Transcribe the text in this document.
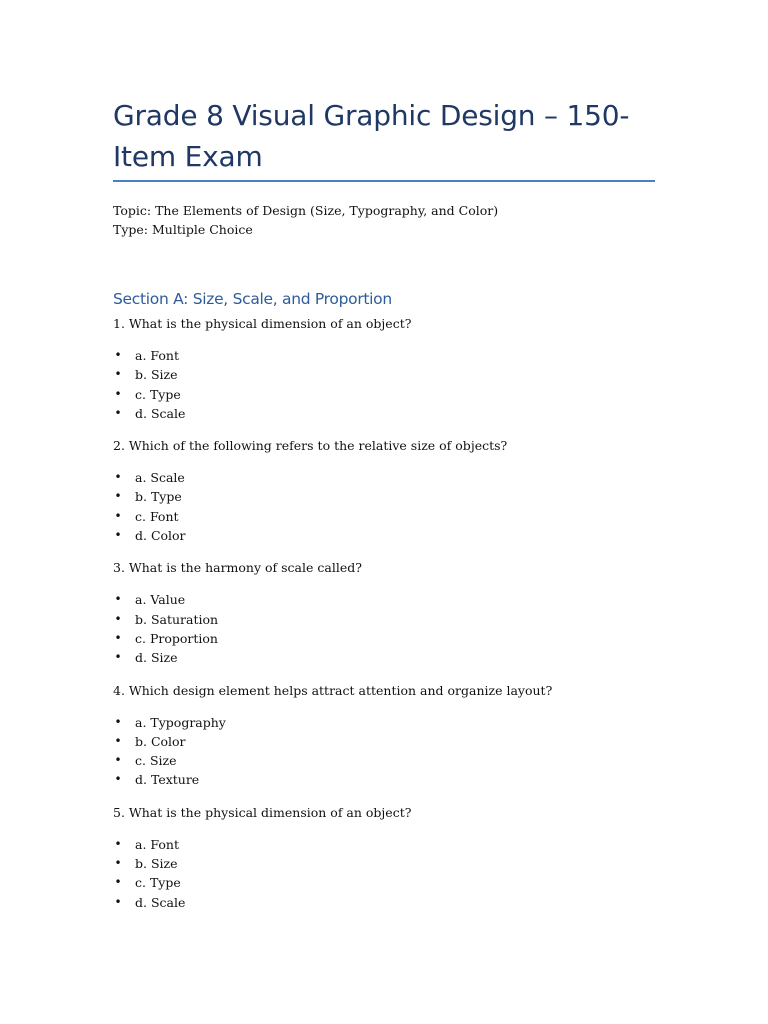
Grade 8 Visual Graphic Design – 150-Item Exam
Topic: The Elements of Design (Size, Typography, and Color)
Type: Multiple Choice
Section A: Size, Scale, and Proportion
1. What is the physical dimension of an object?
• a. Font
• b. Size
• c. Type
• d. Scale
2. Which of the following refers to the relative size of objects?
• a. Scale
• b. Type
• c. Font
• d. Color
3. What is the harmony of scale called?
• a. Value
• b. Saturation
• c. Proportion
• d. Size
4. Which design element helps attract attention and organize layout?
• a. Typography
• b. Color
• c. Size
• d. Texture
5. What is the physical dimension of an object?
• a. Font
• b. Size
• c. Type
• d. Scale
